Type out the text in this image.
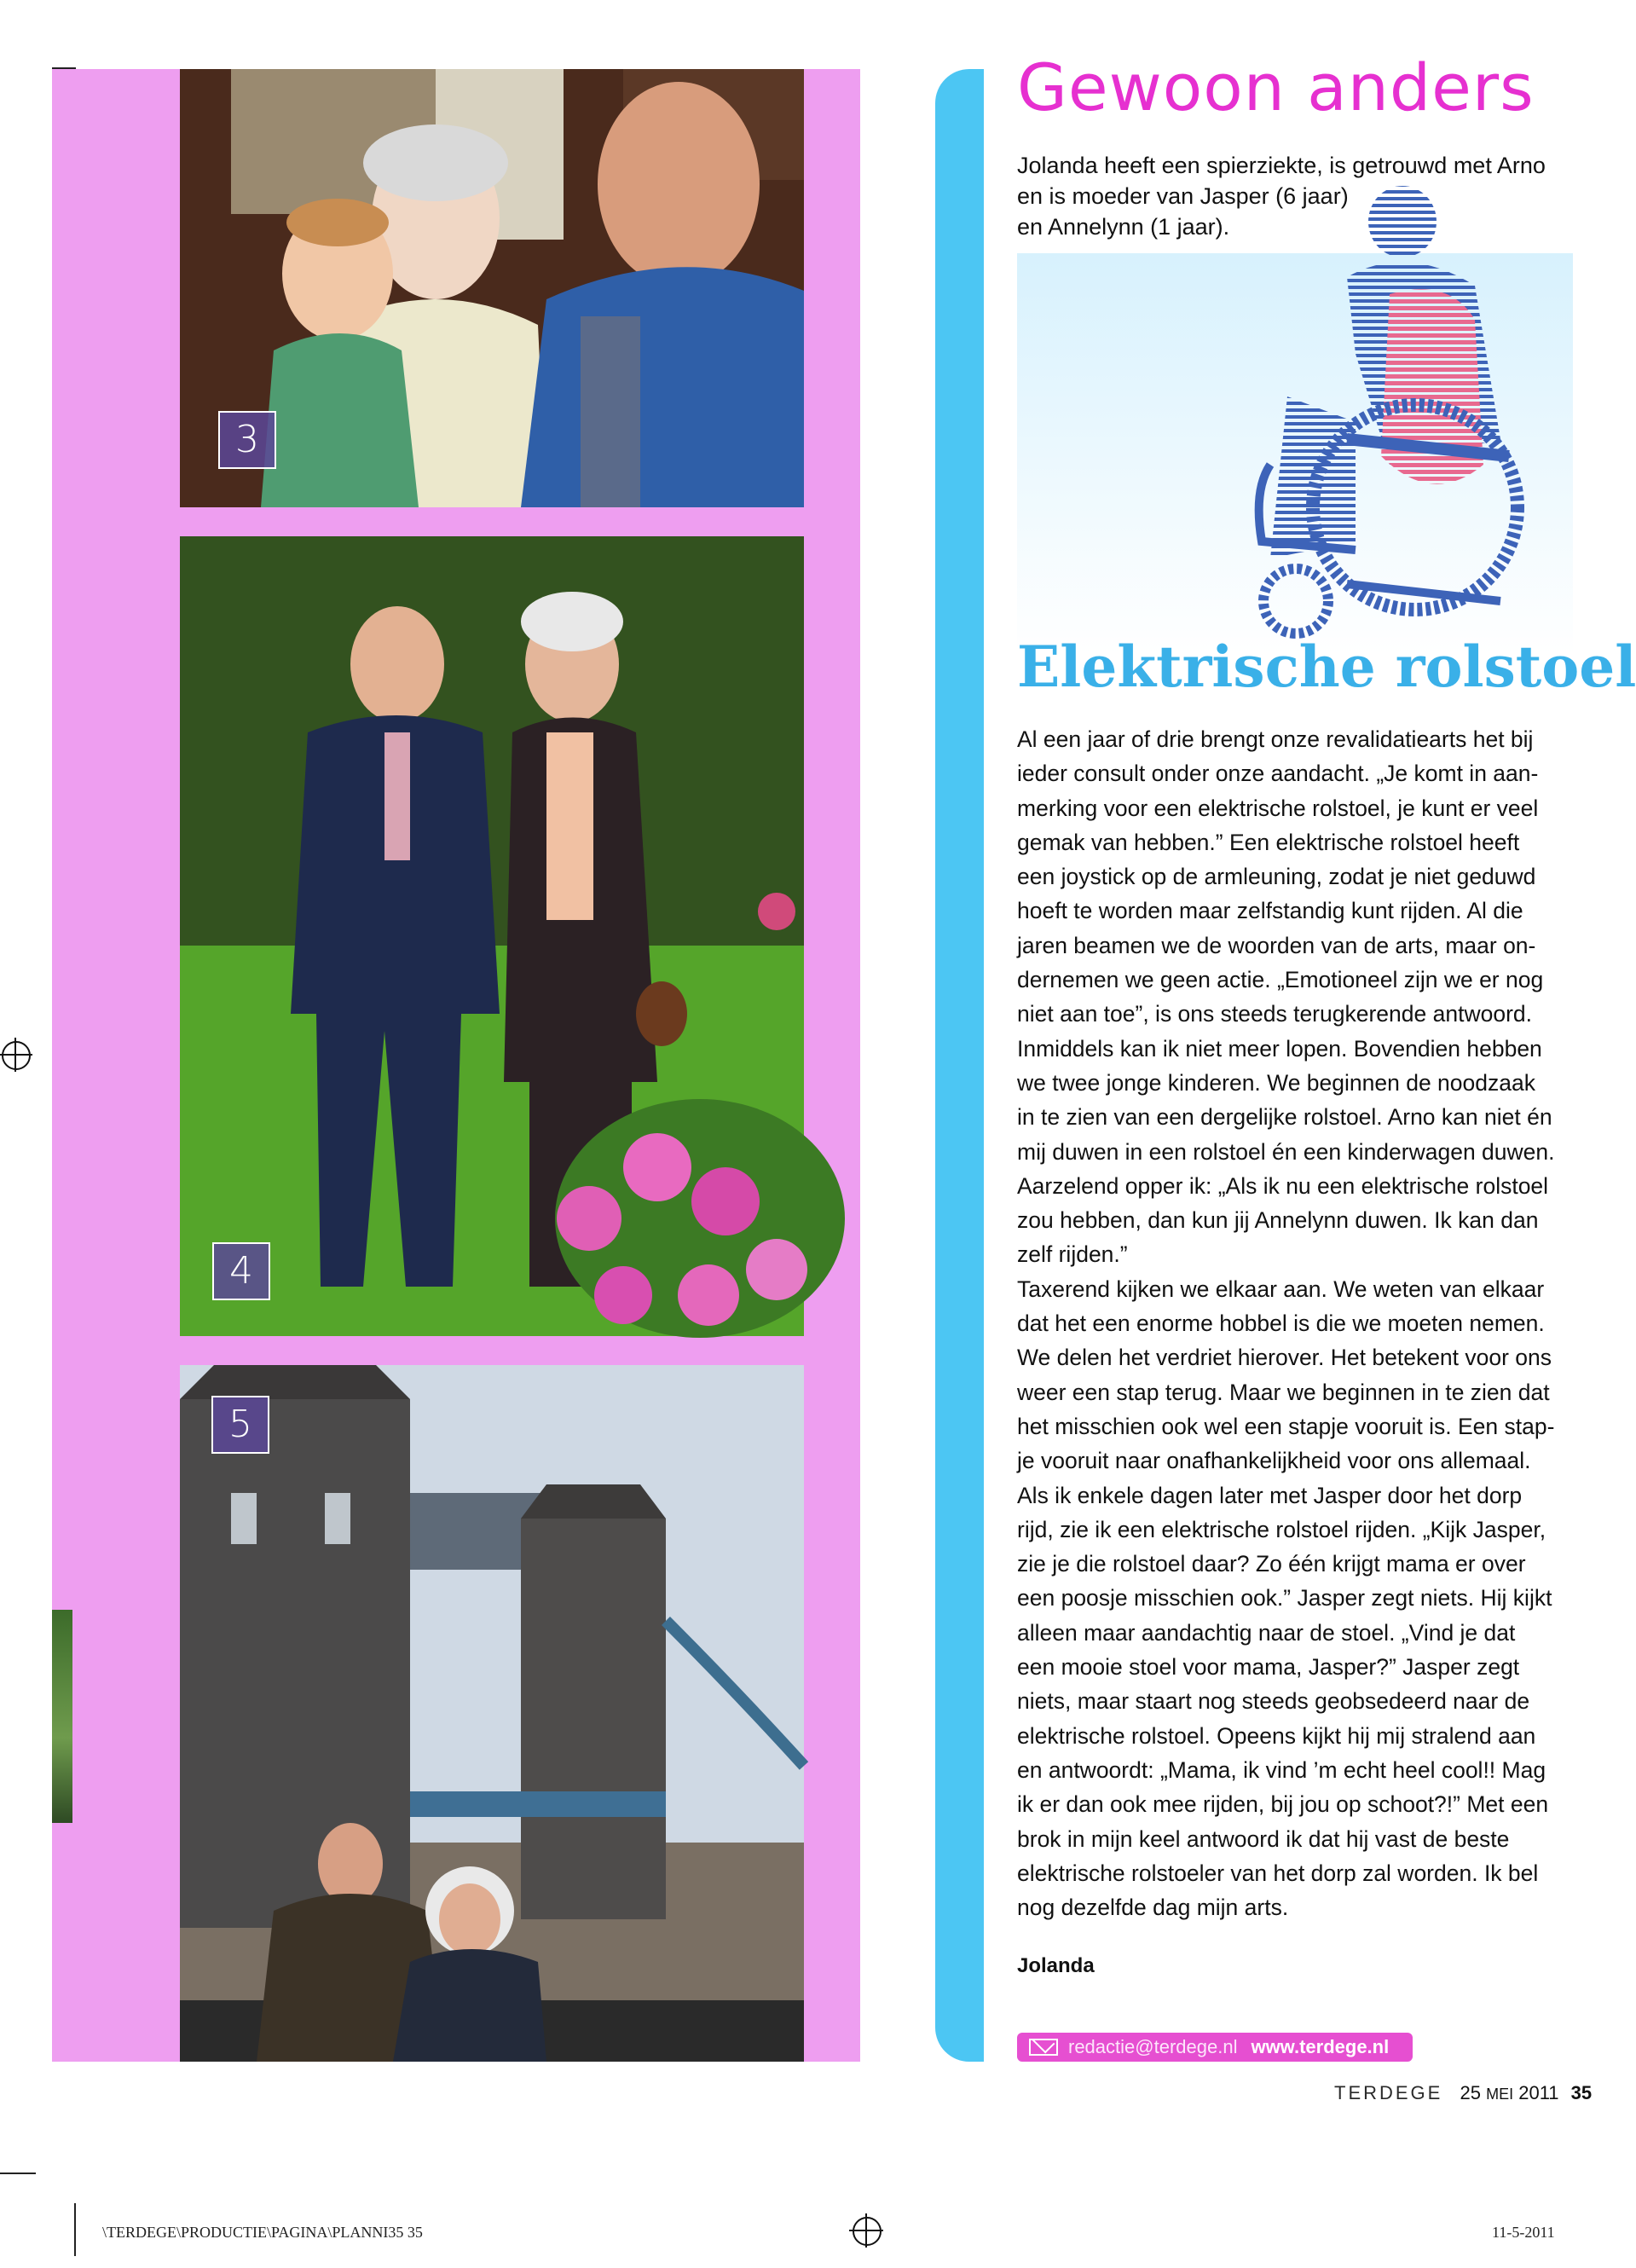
3
4
5
Gewoon anders
Jolanda heeft een spierziekte, is getrouwd met Arno
en is moeder van Jasper (6 jaar)
en Annelynn (1 jaar).
Elektrische rolstoel
Al een jaar of drie brengt onze revalidatiearts het bij
ieder consult onder onze aandacht. „Je komt in aan-
merking voor een elektrische rolstoel, je kunt er veel
gemak van hebben.” Een elektrische rolstoel heeft
een joystick op de armleuning, zodat je niet geduwd
hoeft te worden maar zelfstandig kunt rijden. Al die
jaren beamen we de woorden van de arts, maar on-
dernemen we geen actie. „Emotioneel zijn we er nog
niet aan toe”, is ons steeds terugkerende antwoord.
Inmiddels kan ik niet meer lopen. Bovendien hebben
we twee jonge kinderen. We beginnen de noodzaak
in te zien van een dergelijke rolstoel. Arno kan niet én
mij duwen in een rolstoel én een kinderwagen duwen.
Aarzelend opper ik: „Als ik nu een elektrische rolstoel
zou hebben, dan kun jij Annelynn duwen. Ik kan dan
zelf rijden.”
Taxerend kijken we elkaar aan. We weten van elkaar
dat het een enorme hobbel is die we moeten nemen.
We delen het verdriet hierover. Het betekent voor ons
weer een stap terug. Maar we beginnen in te zien dat
het misschien ook wel een stapje vooruit is. Een stap-
je vooruit naar onafhankelijkheid voor ons allemaal.
Als ik enkele dagen later met Jasper door het dorp
rijd, zie ik een elektrische rolstoel rijden. „Kijk Jasper,
zie je die rolstoel daar? Zo één krijgt mama er over
een poosje misschien ook.” Jasper zegt niets. Hij kijkt
alleen maar aandachtig naar de stoel. „Vind je dat
een mooie stoel voor mama, Jasper?” Jasper zegt
niets, maar staart nog steeds geobsedeerd naar de
elektrische rolstoel. Opeens kijkt hij mij stralend aan
en antwoordt: „Mama, ik vind ’m echt heel cool!! Mag
ik er dan ook mee rijden, bij jou op schoot?!” Met een
brok in mijn keel antwoord ik dat hij vast de beste
elektrische rolstoeler van het dorp zal worden. Ik bel
nog dezelfde dag mijn arts.
Jolanda
redactie@terdege.nl www.terdege.nl
TERDEGE 25 MEI 2011 35
\TERDEGE\PRODUCTIE\PAGINA\PLANNI35 35	11-5-2011
